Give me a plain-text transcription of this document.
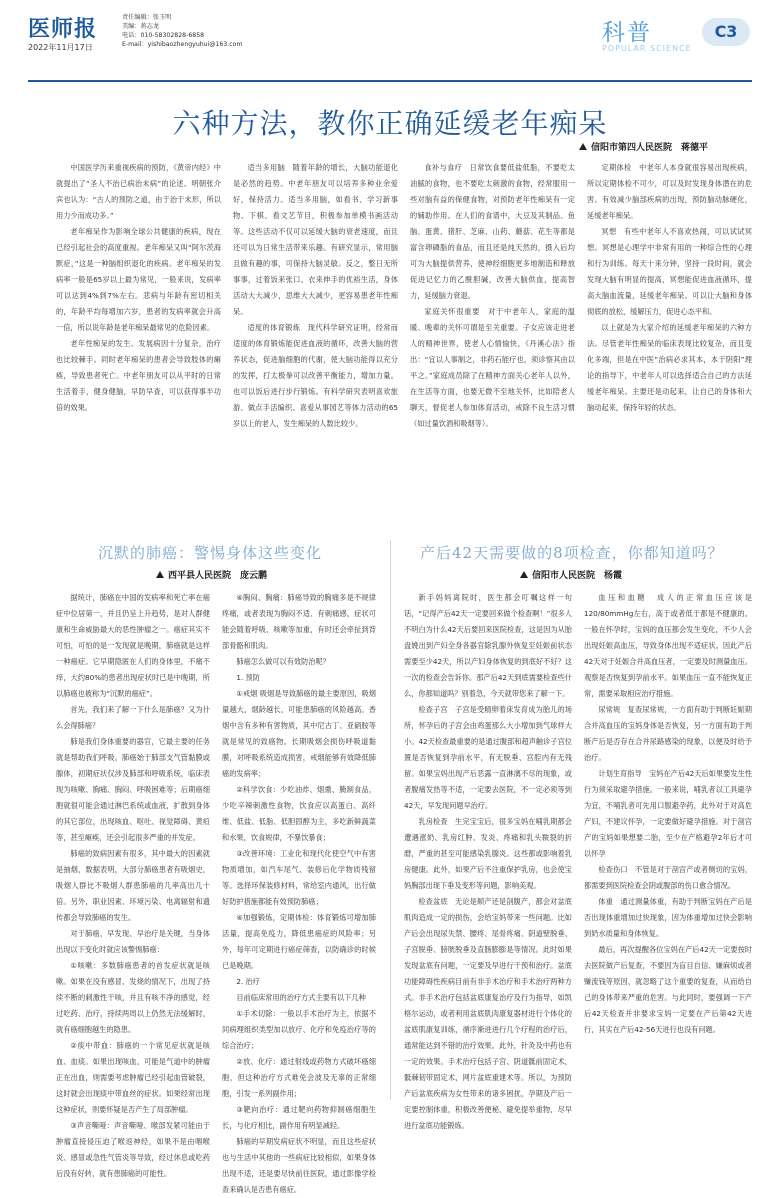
医师报
2022年11月17日
责任编辑：张玉明
美编：蒋志龙
电话：010-58302828-6858
E-mail：yishibaozhengyuhui@163.com	科普
POPULAR SCIENCE
C3
六种方法，教你正确延缓老年痴呆
信阳市第四人民医院　蒋德平

中国医学历来重视疾病的预防，《黄帝内经》中就提出了“圣人不治已病治未病”的论述。明朝张介宾也认为：“古人的预防之道，由于治于未形，所以用力少而成功多。”

老年痴呆作为影响全球公共健康的疾病，现在已经引起社会的高度重视。老年痴呆又叫“阿尔茨海默症，”这是一种脑组织退化的疾病。老年痴呆的发病率一般是65岁以上最为常见，一般来说，发病率可以达到4%到7%左右。悲病与年龄有密切相关的，年龄平均每增加六岁，患者的发病率就会升高一倍，所以说年龄是老年痴呆最常见的危险因素。

老年性痴呆的发生、发展病因十分复杂，治疗也比较棘手。同时老年痴呆的患者会导致肢体的瘫痪，导致患者死亡。中老年朋友可以从平时的日常生活着手，健身健脑，早防早查，可以获得事半功倍的效果。

适当多用脑　随着年龄的增长，大脑功能退化是必然的趋势。中老年朋友可以培养多种业余爱好，保持活力。适当多用脑，如看书、学习新事物、下棋、看文艺节目，积极参加单模书画活动等。这些活动不仅可以延缓大脑的衰老速度，而且还可以为日常生活带来乐趣。有研究显示，常用脑且做有趣的事，可保持大脑灵敏。反之，整日无所事事，过着饭来张口、衣来伸手的优裕生活，身体活动大大减少，思维大大减少，更容易患老年性痴呆。

适度的体育锻炼　现代科学研究证明，经常而适度的体育锻炼能促进血液的循环，改善大脑的营养状态，促进脑细胞的代谢，使大脑功能得以充分的发挥，打太极拳可以改善平衡能力，增加力量。也可以饭后进行步行锻炼。有科学研究表明喜欢旅游、做点手活编织、喜爱从事园艺等体力活动的65岁以上的老人，发生痴呆的人数比较少。

食补与食疗　日常饮食要低盐低脂，不要吃太油腻的食物，也不要吃太刺激的食物，经常服用一些对脑有益的保健食物，对预防老年性痴呆有一定的辅助作用。在人们的食谱中，大豆及其制品、鱼脑、蛋黄、猪肝、芝麻、山药、蘑菇、花生等都是富含卵磷脂的食品，而且还是纯天然的，摄入后均可为大脑提供营养，使神经细胞更多地制造和释放促进记忆力的乙酰胆碱，改善大脑供血，提高智力，延缓脑力衰退。

家庭关怀很重要　对于中老年人，家庭的温暖、晚辈的关怀可谓是至关重要。子女应该走进老人的精神世界，使老人心情愉快，《丹溪心法》指出：“宜以人事制之，非药石能疗也，须诊察其由以平之。”家庭成员除了在精神方面关心老年人以外，在生活等方面，也要无微不至地关怀，比如陪老人聊天，督促老人参加体育活动，戒除不良生活习惯（如过量饮酒和吸烟等）。

定期体检　中老年人本身就很容易出现疾病，所以定期体检不可少，可以及时发现身体潜在的危害。有效减少脑部疾病的出现，预防脑动脉硬化，延缓老年痴呆。

冥想　有些中老年人不喜欢热闹，可以试试冥想。冥想是心理学中非常有用的一种综合性的心理和行为训练。每天十来分钟，坚持一段时间，就会发现大脑有明显的提高，冥想能促进血液循环，提高大脑血流量，延缓老年痴呆。可以让大脑和身体彻底的放松，缓解压力，促进心态平和。

以上就是为大家介绍的延缓老年痴呆的六种方法。尽管老年性痴呆的临床表现比较复杂，而且变化多端，但是在中医“治病必求其本，本于阴阳”理论的指导下，中老年人可以选择适合自己的方法延缓老年痴呆。主要还是动起来，让自己的身体和大脑动起来，保持年轻的状态。

沉默的肺癌：警惕身体这些变化
西平县人民医院　庞云鹏

据统计，肺癌在中国的发病率和死亡率在癌症中位居第一，并且仍呈上升趋势，是对人群健康和生命威胁最大的恶性肿瘤之一。癌症其实不可怕，可怕的是一发现就是晚期，肺癌就是这样一种癌症。它早期隐匿在人们的身体里，不痛不痒，大约80%的患者出现症状时已是中晚期，所以肺癌也被称为“沉默的癌症”。

首先，我们来了解一下什么是肺癌？又为什么会得肺癌？

肺是我们身体重要的器官，它最主要的任务就是帮助我们呼吸。肺癌始于肺部支气管黏膜或腺体，初期症状仅涉及肺部和呼吸系统，临床表现为咳嗽、胸痛、胸闷、呼吸困难等；后期癌细胞就很可能会通过淋巴系统或血液，扩散到身体的其它部位，出现咳血、呕吐、视觉障碍、黄疸等，甚至瘫痪，还会引起很多严重的并发症。

肺癌的致病因素有很多，其中最大的因素就是抽烟，数据表明，大部分肺癌患者有吸烟史，吸烟人群比不吸烟人群患肺癌的几率高出几十倍。另外，职业因素、环境污染、电离辐射和遗传都会导致肺癌的发生。

对于肺癌，早发现、早治疗是关键，当身体出现以下变化时就应该警惕肺癌：

①咳嗽：多数肺癌患者的首发症状就是咳嗽。如果在没有感冒、发烧的情况下，出现了持续不断的刺激性干咳，并且有咳不净的感觉，经过吃药、治疗，持续两周以上仍然无法缓解时，就有癌细胞越生的隐患。

②痰中带血：肺癌的一个常见症状就是咳血、血痰。如果出现咳血，可能是气道中的肿瘤正在出血，则需要考虑肿瘤已经引起血管破裂，这时就会出现痰中带血丝的症状。如果经常出现这种症状，则要怀疑是否产生了局部肿瘤。

③声音嘶哑：声音嘶哑、喉部发紧可能由于肿瘤直接侵压迫了喉返神经，如果不是由咽喉炎、感冒或急性气管炎等导致，经过休息或吃药后没有好转，就有患肺癌的可能性。

④胸闷、胸痛：肺癌导致的胸痛多是不规律疼痛，或者表现为胸闷不适、有刺痛感，症状可能会随着呼吸、咳嗽等加重，有时还会牵扯到背部骨骼和肌肉。

肺癌怎么做可以有效防治呢？

1. 预防

①戒烟 吸烟是导致肺癌的最主要原因，吸烟量越大，烟龄越长，可能患肺癌的风险越高。香烟中含有多种有害物质，其中尼古丁、亚硝胺等就是常见的致癌物。长期吸烟会损伤呼吸道黏膜，对呼吸系统造成损害，戒烟能够有效降低肺癌的发病率；

②科学饮食：少吃油炸、烟熏、腌制食品，少吃辛辣刺激性食物，饮食应以高蛋白、高纤维、低盐、低脂、低胆固醇为主，多吃新鲜蔬菜和水果，饮食规律，不暴饮暴食；

③改善环境：工业化和现代化使空气中有害物质增加，如汽车尾气、装修后化学物质残留等。选择环保装修材料，常给室内通风，出行做好防护措施都能有效预防肺癌；

④加强锻炼，定期体检：体育锻炼可增加肺活量，提高免疫力，降低患癌症的风险率；另外，每年可定期进行癌症筛查，以防确诊的时候已是晚期。

2. 治疗

目前临床常用的治疗方式主要有以下几种

①手术切除：一般以手术治疗为主，依据不同病理组织类型加以放疗、化疗和免疫治疗等的综合治疗；

②放、化疗：通过射线或药物方式破坏癌细胞，但这种治疗方式难免会波及无辜的正常细胞，引发一系列副作用；

③靶向治疗：通过靶向药物抑制癌细胞生长，与化疗相比，副作用有明显减轻。

肺癌的早期发病症状不明显，而且这些症状也与生活中其他的一些病症比较相似，如果身体出现不适，还是要尽快前往医院，通过影像学检查来确认是否患有癌症。

产后42天需要做的8项检查，你都知道吗？
信阳市人民医院　杨霞

新手妈妈离院时，医生都会叮嘱这样一句话，“记得产后42天一定要回来做个检查啊！”很多人不明白为什么42天后要回来医院检查，这是因为从胎盘娩出到产妇全身各器官除乳腺外恢复至妊娠前状态需要至少42天，所以产妇身体恢复的到底好不好？这一次的检查会告诉你。那产后42天到底需要检查些什么，你都知道吗？别着急，今天就带您来了解一下。

检查子宫　子宫是受精卵着床发育成为胎儿的场所，怀孕后的子宫会由鸡蛋那么大小增加到气球样大小。42天检查最重要的是通过腹部和超声触诊子宫位置是否恢复到孕前水平，有无脱垂、宫腔内有无残留。如果宝妈出现产后恶露一直淋漓不尽的现象，或者腹痛发热等不适，一定要去医院，不一定必须等到42天，早发现问题早治疗。

乳房检查　生完宝宝后，很多宝妈在哺乳期都会遭遇涨奶、乳房红肿、发炎、疼痛和乳头皲裂的折磨，严重的甚至可能感染乳腺炎。这些都或影响着乳房健康。此外，如果产后不注重保护乳房，也会使宝妈胸部出现下垂及变形等问题，影响美观。

检查盆底　无论是顺产还是剖腹产，都会对盆底肌肉造成一定的损伤，会给宝妈带来一些问题。比如产后会出现尿失禁、腰疼、尾骨疼痛、阴道壁脱垂、子宫脱垂、膀胱脱垂及直肠膨膨是等情况。此时如果发现盆底有问题，一定要及早进行干预和治疗。盆底功能障碍性疾病目前有非手术治疗和手术治疗两种方式。非手术治疗包括盆底康复治疗及行为指导，如凯格尔运动，或者利用盆底肌肉康复器材进行个体化的盆底肌康复训练，循序渐进进行几个疗程的治疗后，通常能达到不错的治疗效果。此外，针灸及中药也有一定的效果。手术治疗包括子宫、阴道骶前固定术，骶棘韧带固定术，网片盆底重建术等。所以，为预防产后盆底疾病为女性带来的诸多困扰，孕期及产后一定要控制体重，积极改善便秘、避免提举重物，尽早进行盆底功能锻炼。

血压和血糖　成人的正常血压应该是120/80mmHg左右，高于或者低于都是不健康的。一般在怀孕时，宝妈的血压都会发生变化，不少人会出现妊娠高血压，导致身体出现不适症状。因此产后42天对于妊娠合并高血压者，一定要及时测量血压。观察是否恢复到孕前水平。如果血压一直不能恢复正常，需要采取相应治疗措施。

尿常规　复查尿常规，一方面有助于判断妊娠期合并高血压的宝妈身体是否恢复，另一方面有助于判断产后是否存在合并尿路感染的现象，以便及时给予治疗。

计划生育指导　宝妈在产后42天后如果要发生性行为须采取避孕措施。一般来说，哺乳者以工具避孕为宜，不哺乳者可先用口服避孕药，此外对于对高危产妇，不建议怀孕，一定要做好避孕措施。对于剖宫产的宝妈如果想要二胎，至少在产格避孕2年后才可以怀孕

检查伤口　不管是对于剖宫产或者侧切的宝妈，都需要到医院检查会阴或腹部的伤口愈合情况。

体重　通过测量体重，有助于判断宝妈在产后是否出现体重增加过快现象，因为体重增加过快会影响到奶水质量和身体恢复。

最后，再次提醒各位宝妈在产后42天一定要按时去医院做产后复查，不要因为盲目自信、嫌麻烦或者赚流钱等原因，就忽略了这个重要的复查，从而给自己的身体带来严重的危害。与此同时，要强调一下产后42天检查并非要求宝妈一定要在产后第42天进行，其实在产后42-56天进行也没有问题。
